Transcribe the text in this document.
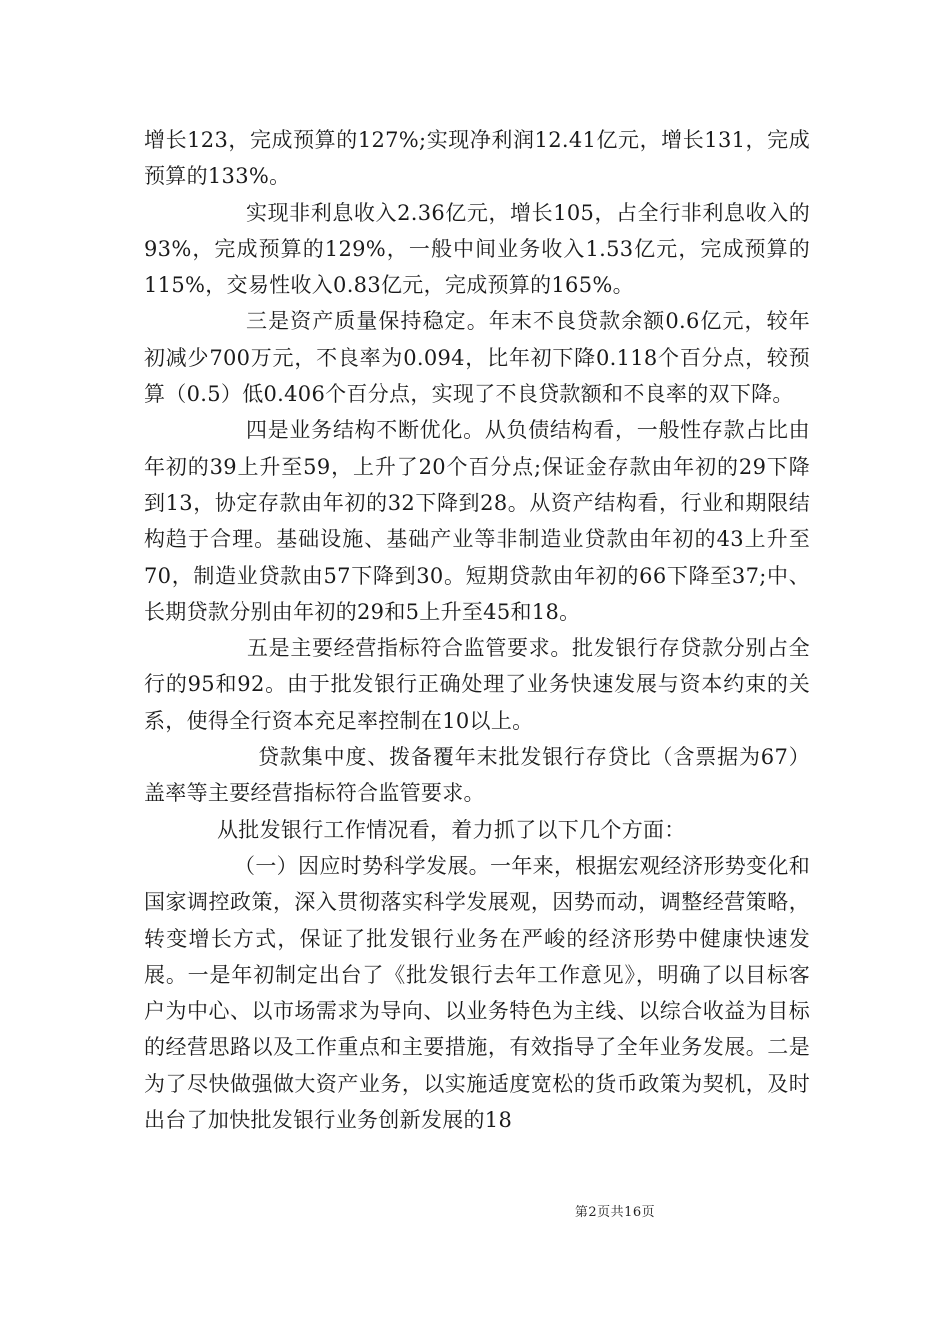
增长123，完成预算的127%;实现净利润12.41亿元，增长131，完成预算的133%。

实现非利息收入2.36亿元，增长105，占全行非利息收入的93%，完成预算的129%，一般中间业务收入1.53亿元，完成预算的115%，交易性收入0.83亿元，完成预算的165%。

三是资产质量保持稳定。年末不良贷款余额0.6亿元，较年初减少700万元，不良率为0.094，比年初下降0.118个百分点，较预算（0.5）低0.406个百分点，实现了不良贷款额和不良率的双下降。

四是业务结构不断优化。从负债结构看，一般性存款占比由年初的39上升至59，上升了20个百分点;保证金存款由年初的29下降到13，协定存款由年初的32下降到28。从资产结构看，行业和期限结构趋于合理。基础设施、基础产业等非制造业贷款由年初的43上升至70，制造业贷款由57下降到30。短期贷款由年初的66下降至37;中、长期贷款分别由年初的29和5上升至45和18。

五是主要经营指标符合监管要求。批发银行存贷款分别占全行的95和92。由于批发银行正确处理了业务快速发展与资本约束的关系，使得全行资本充足率控制在10以上。

贷款集中度、拨备覆年末批发银行存贷比（含票据为67）盖率等主要经营指标符合监管要求。

从批发银行工作情况看，着力抓了以下几个方面：

（一）因应时势科学发展。一年来，根据宏观经济形势变化和国家调控政策，深入贯彻落实科学发展观，因势而动，调整经营策略，转变增长方式，保证了批发银行业务在严峻的经济形势中健康快速发展。一是年初制定出台了《批发银行去年工作意见》，明确了以目标客户为中心、以市场需求为导向、以业务特色为主线、以综合收益为目标的经营思路以及工作重点和主要措施，有效指导了全年业务发展。二是为了尽快做强做大资产业务，以实施适度宽松的货币政策为契机，及时出台了加快批发银行业务创新发展的18

第2页共16页
